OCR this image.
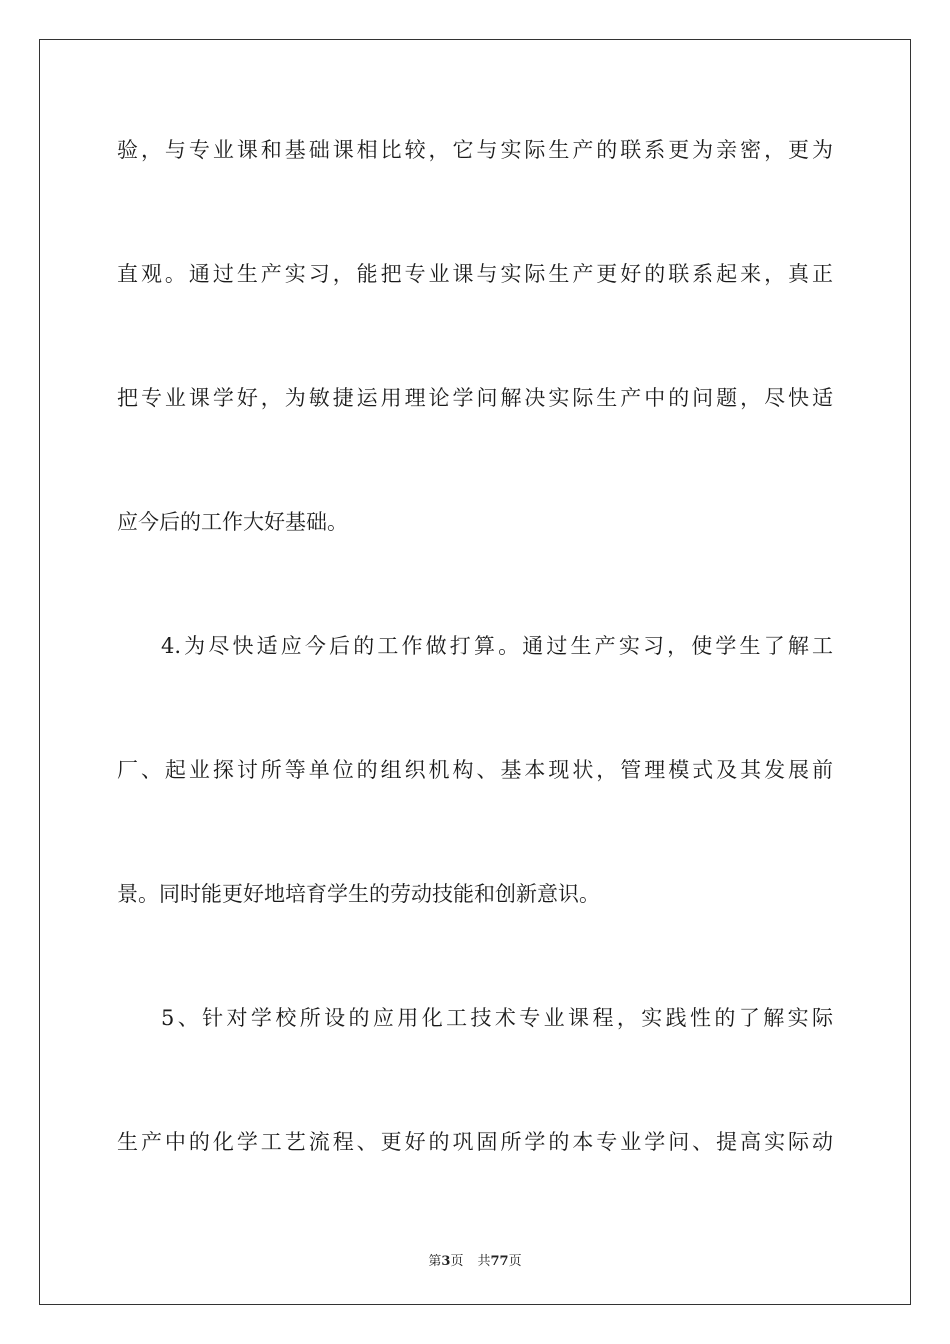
验，与专业课和基础课相比较，它与实际生产的联系更为亲密，更为

直观。通过生产实习，能把专业课与实际生产更好的联系起来，真正

把专业课学好，为敏捷运用理论学问解决实际生产中的问题，尽快适

应今后的工作大好基础。

4.为尽快适应今后的工作做打算。通过生产实习，使学生了解工

厂、起业探讨所等单位的组织机构、基本现状，管理模式及其发展前

景。同时能更好地培育学生的劳动技能和创新意识。

5、针对学校所设的应用化工技术专业课程，实践性的了解实际

生产中的化学工艺流程、更好的巩固所学的本专业学问、提高实际动

第3页 共77页
